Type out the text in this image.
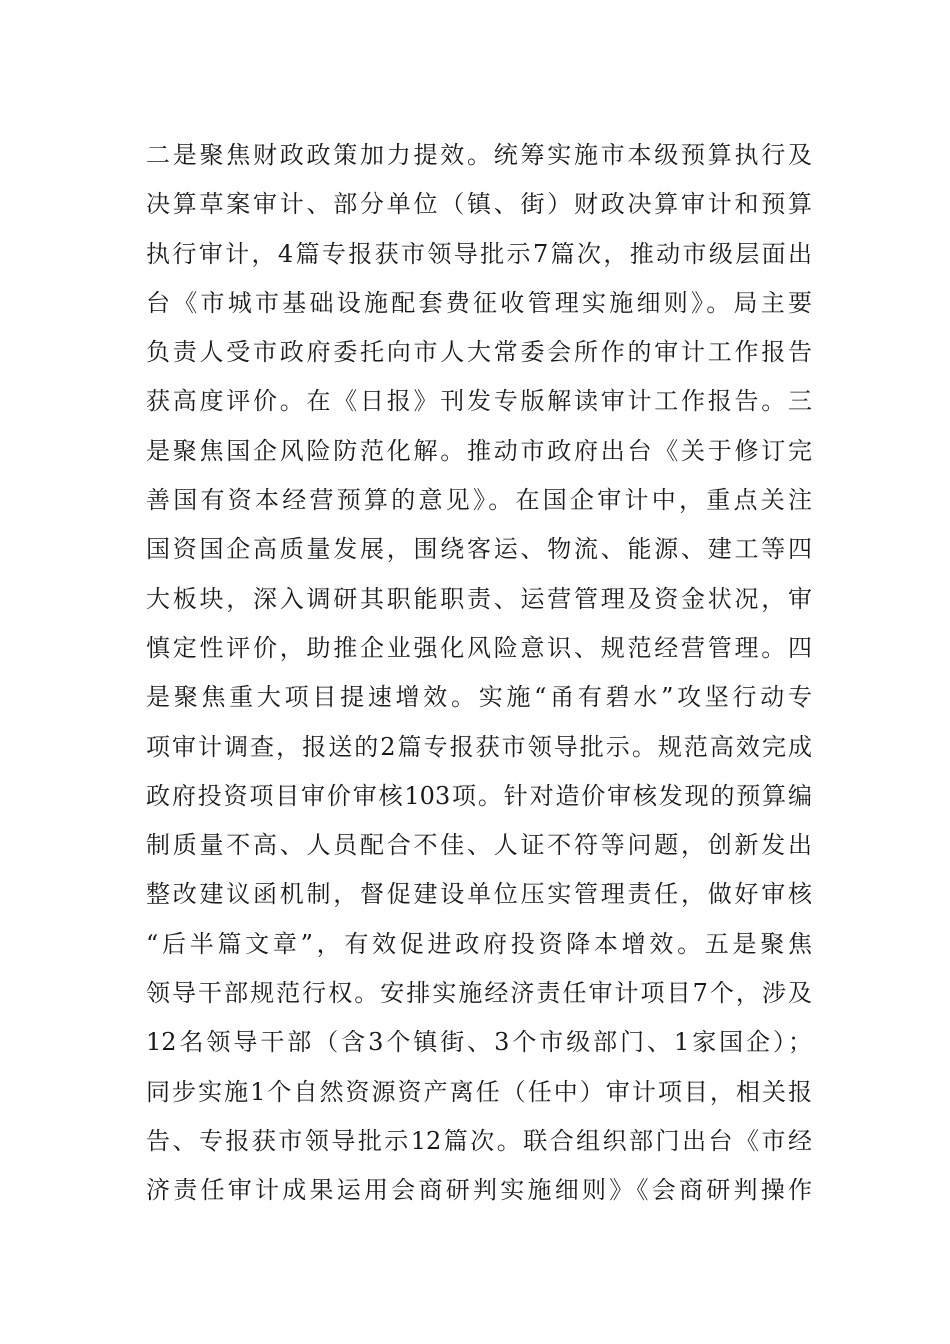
二是聚焦财政政策加力提效。统筹实施市本级预算执行及
决算草案审计、部分单位（镇、街）财政决算审计和预算
执行审计，4篇专报获市领导批示7篇次，推动市级层面出
台《市城市基础设施配套费征收管理实施细则》。局主要
负责人受市政府委托向市人大常委会所作的审计工作报告
获高度评价。在《日报》刊发专版解读审计工作报告。三
是聚焦国企风险防范化解。推动市政府出台《关于修订完
善国有资本经营预算的意见》。在国企审计中，重点关注
国资国企高质量发展，围绕客运、物流、能源、建工等四
大板块，深入调研其职能职责、运营管理及资金状况，审
慎定性评价，助推企业强化风险意识、规范经营管理。四
是聚焦重大项目提速增效。实施“甬有碧水”攻坚行动专
项审计调查，报送的2篇专报获市领导批示。规范高效完成
政府投资项目审价审核103项。针对造价审核发现的预算编
制质量不高、人员配合不佳、人证不符等问题，创新发出
整改建议函机制，督促建设单位压实管理责任，做好审核
“后半篇文章”，有效促进政府投资降本增效。五是聚焦
领导干部规范行权。安排实施经济责任审计项目7个，涉及
12名领导干部（含3个镇街、3个市级部门、1家国企）；
同步实施1个自然资源资产离任（任中）审计项目，相关报
告、专报获市领导批示12篇次。联合组织部门出台《市经
济责任审计成果运用会商研判实施细则》《会商研判操作
